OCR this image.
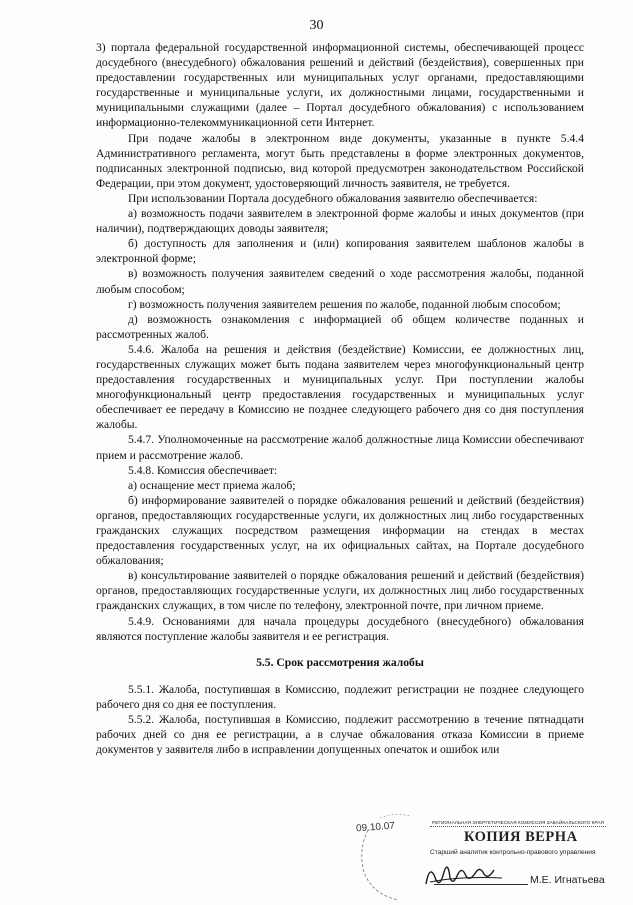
30

3) портала федеральной государственной информационной системы, обеспечивающей процесс досудебного (внесудебного) обжалования решений и действий (бездействия), совершенных при предоставлении государственных или муниципальных услуг органами, предоставляющими государственные и муниципальные услуги, их должностными лицами, государственными и муниципальными служащими (далее – Портал досудебного обжалования) с использованием информационно-телекоммуникационной сети Интернет.

При подаче жалобы в электронном виде документы, указанные в пункте 5.4.4 Административного регламента, могут быть представлены в форме электронных документов, подписанных электронной подписью, вид которой предусмотрен законодательством Российской Федерации, при этом документ, удостоверяющий личность заявителя, не требуется.

При использовании Портала досудебного обжалования заявителю обеспечивается:

а) возможность подачи заявителем в электронной форме жалобы и иных документов (при наличии), подтверждающих доводы заявителя;

б) доступность для заполнения и (или) копирования заявителем шаблонов жалобы в электронной форме;

в) возможность получения заявителем сведений о ходе рассмотрения жалобы, поданной любым способом;

г) возможность получения заявителем решения по жалобе, поданной любым способом;

д) возможность ознакомления с информацией об общем количестве поданных и рассмотренных жалоб.

5.4.6. Жалоба на решения и действия (бездействие) Комиссии, ее должностных лиц, государственных служащих может быть подана заявителем через многофункциональный центр предоставления государственных и муниципальных услуг. При поступлении жалобы многофункциональный центр предоставления государственных и муниципальных услуг обеспечивает ее передачу в Комиссию не позднее следующего рабочего дня со дня поступления жалобы.

5.4.7. Уполномоченные на рассмотрение жалоб должностные лица Комиссии обеспечивают прием и рассмотрение жалоб.

5.4.8. Комиссия обеспечивает:

а) оснащение мест приема жалоб;

б) информирование заявителей о порядке обжалования решений и действий (бездействия) органов, предоставляющих государственные услуги, их должностных лиц либо государственных гражданских служащих посредством размещения информации на стендах в местах предоставления государственных услуг, на их официальных сайтах, на Портале досудебного обжалования;

в) консультирование заявителей о порядке обжалования решений и действий (бездействия) органов, предоставляющих государственные услуги, их должностных лиц либо государственных гражданских служащих, в том числе по телефону, электронной почте, при личном приеме.

5.4.9. Основаниями для начала процедуры досудебного (внесудебного) обжалования являются поступление жалобы заявителя и ее регистрация.

5.5. Срок рассмотрения жалобы

5.5.1. Жалоба, поступившая в Комиссию, подлежит регистрации не позднее следующего рабочего дня со дня ее поступления.

5.5.2. Жалоба, поступившая в Комиссию, подлежит рассмотрению в течение пятнадцати рабочих дней со дня ее регистрации, а в случае обжалования отказа Комиссии в приеме документов у заявителя либо в исправлении допущенных опечаток и ошибок или

09.10.07	РЕГИОНАЛЬНАЯ ЭНЕРГЕТИЧЕСКАЯ КОМИССИЯ ЗАБАЙКАЛЬСКОГО КРАЯ
КОПИЯ ВЕРНА
Старший аналитик контрольно-правового управления
М.Е. Игнатьева
